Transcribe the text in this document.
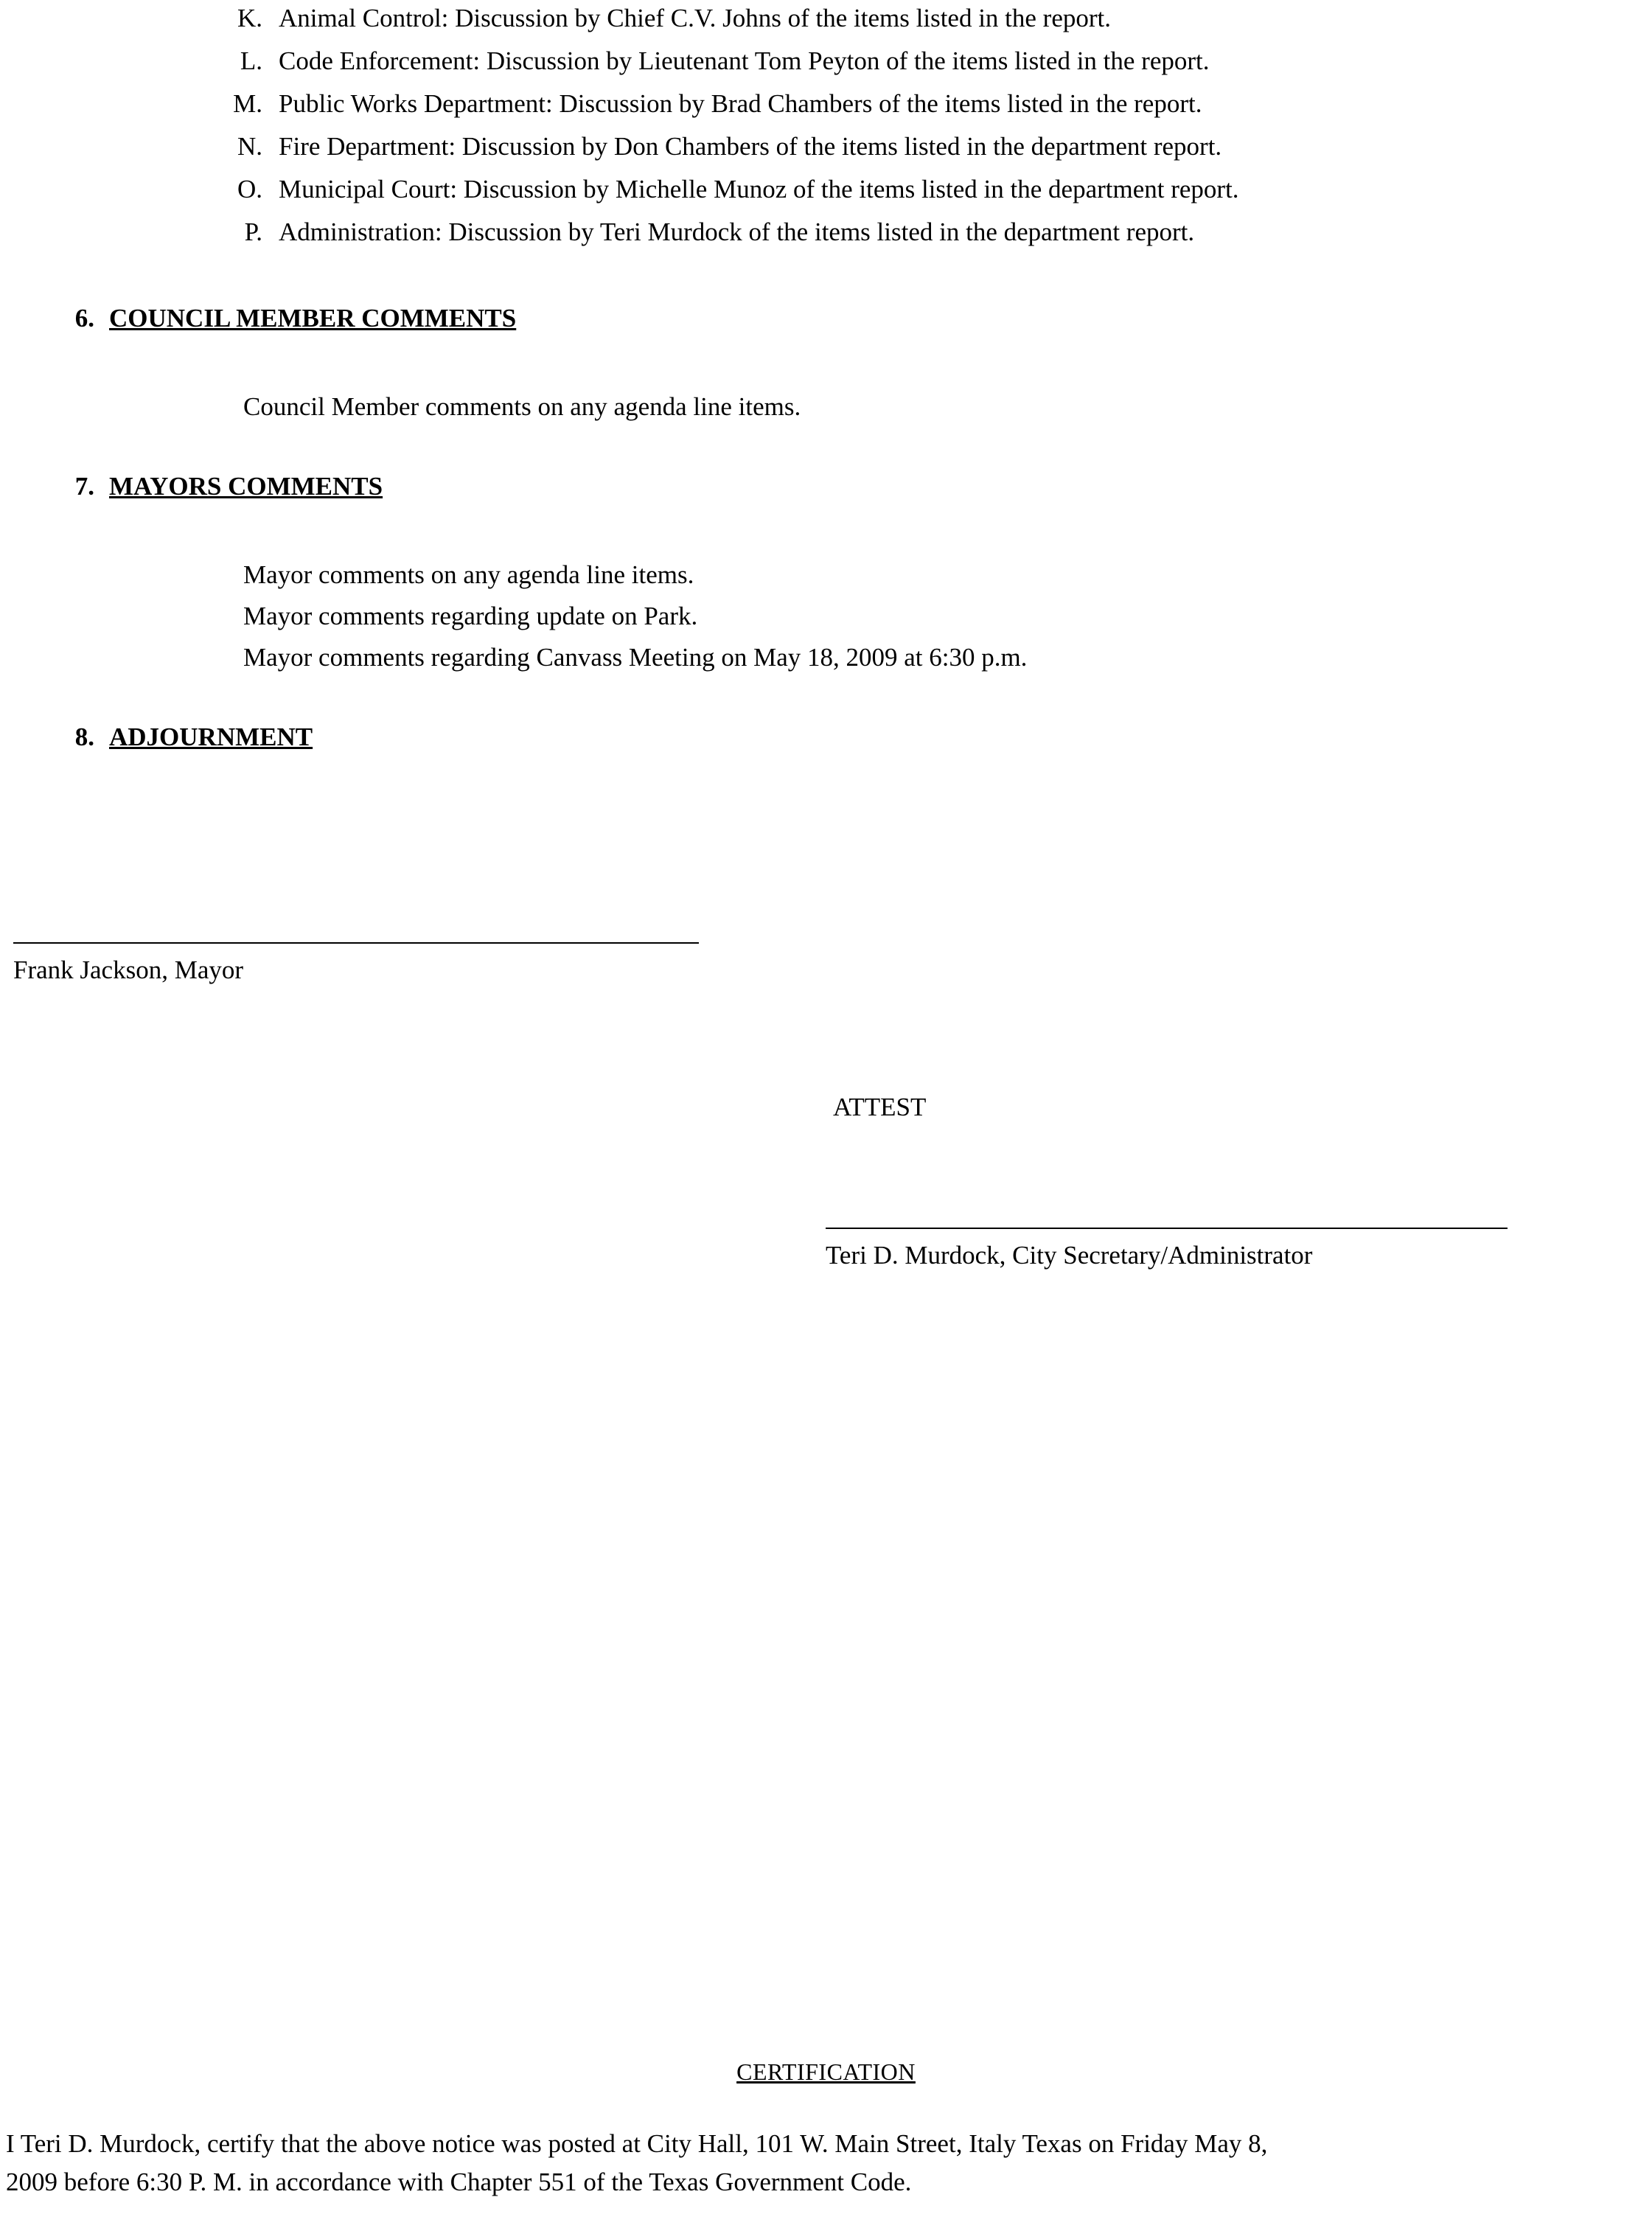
K. Animal Control: Discussion by Chief C.V. Johns of the items listed in the report.
L. Code Enforcement: Discussion by Lieutenant Tom Peyton of the items listed in the report.
M. Public Works Department: Discussion by Brad Chambers of the items listed in the report.
N. Fire Department: Discussion by Don Chambers of the items listed in the department report.
O. Municipal Court: Discussion by Michelle Munoz of the items listed in the department report.
P. Administration: Discussion by Teri Murdock of the items listed in the department report.
6. COUNCIL MEMBER COMMENTS
Council Member comments on any agenda line items.
7. MAYORS COMMENTS
Mayor comments on any agenda line items.
Mayor comments regarding update on Park.
Mayor comments regarding Canvass Meeting on May 18, 2009 at 6:30 p.m.
8. ADJOURNMENT
Frank Jackson, Mayor
ATTEST
Teri D. Murdock, City Secretary/Administrator
CERTIFICATION
I Teri D. Murdock, certify that the above notice was posted at City Hall, 101 W. Main Street, Italy Texas on Friday May 8,
2009 before 6:30 P. M. in accordance with Chapter 551 of the Texas Government Code.
